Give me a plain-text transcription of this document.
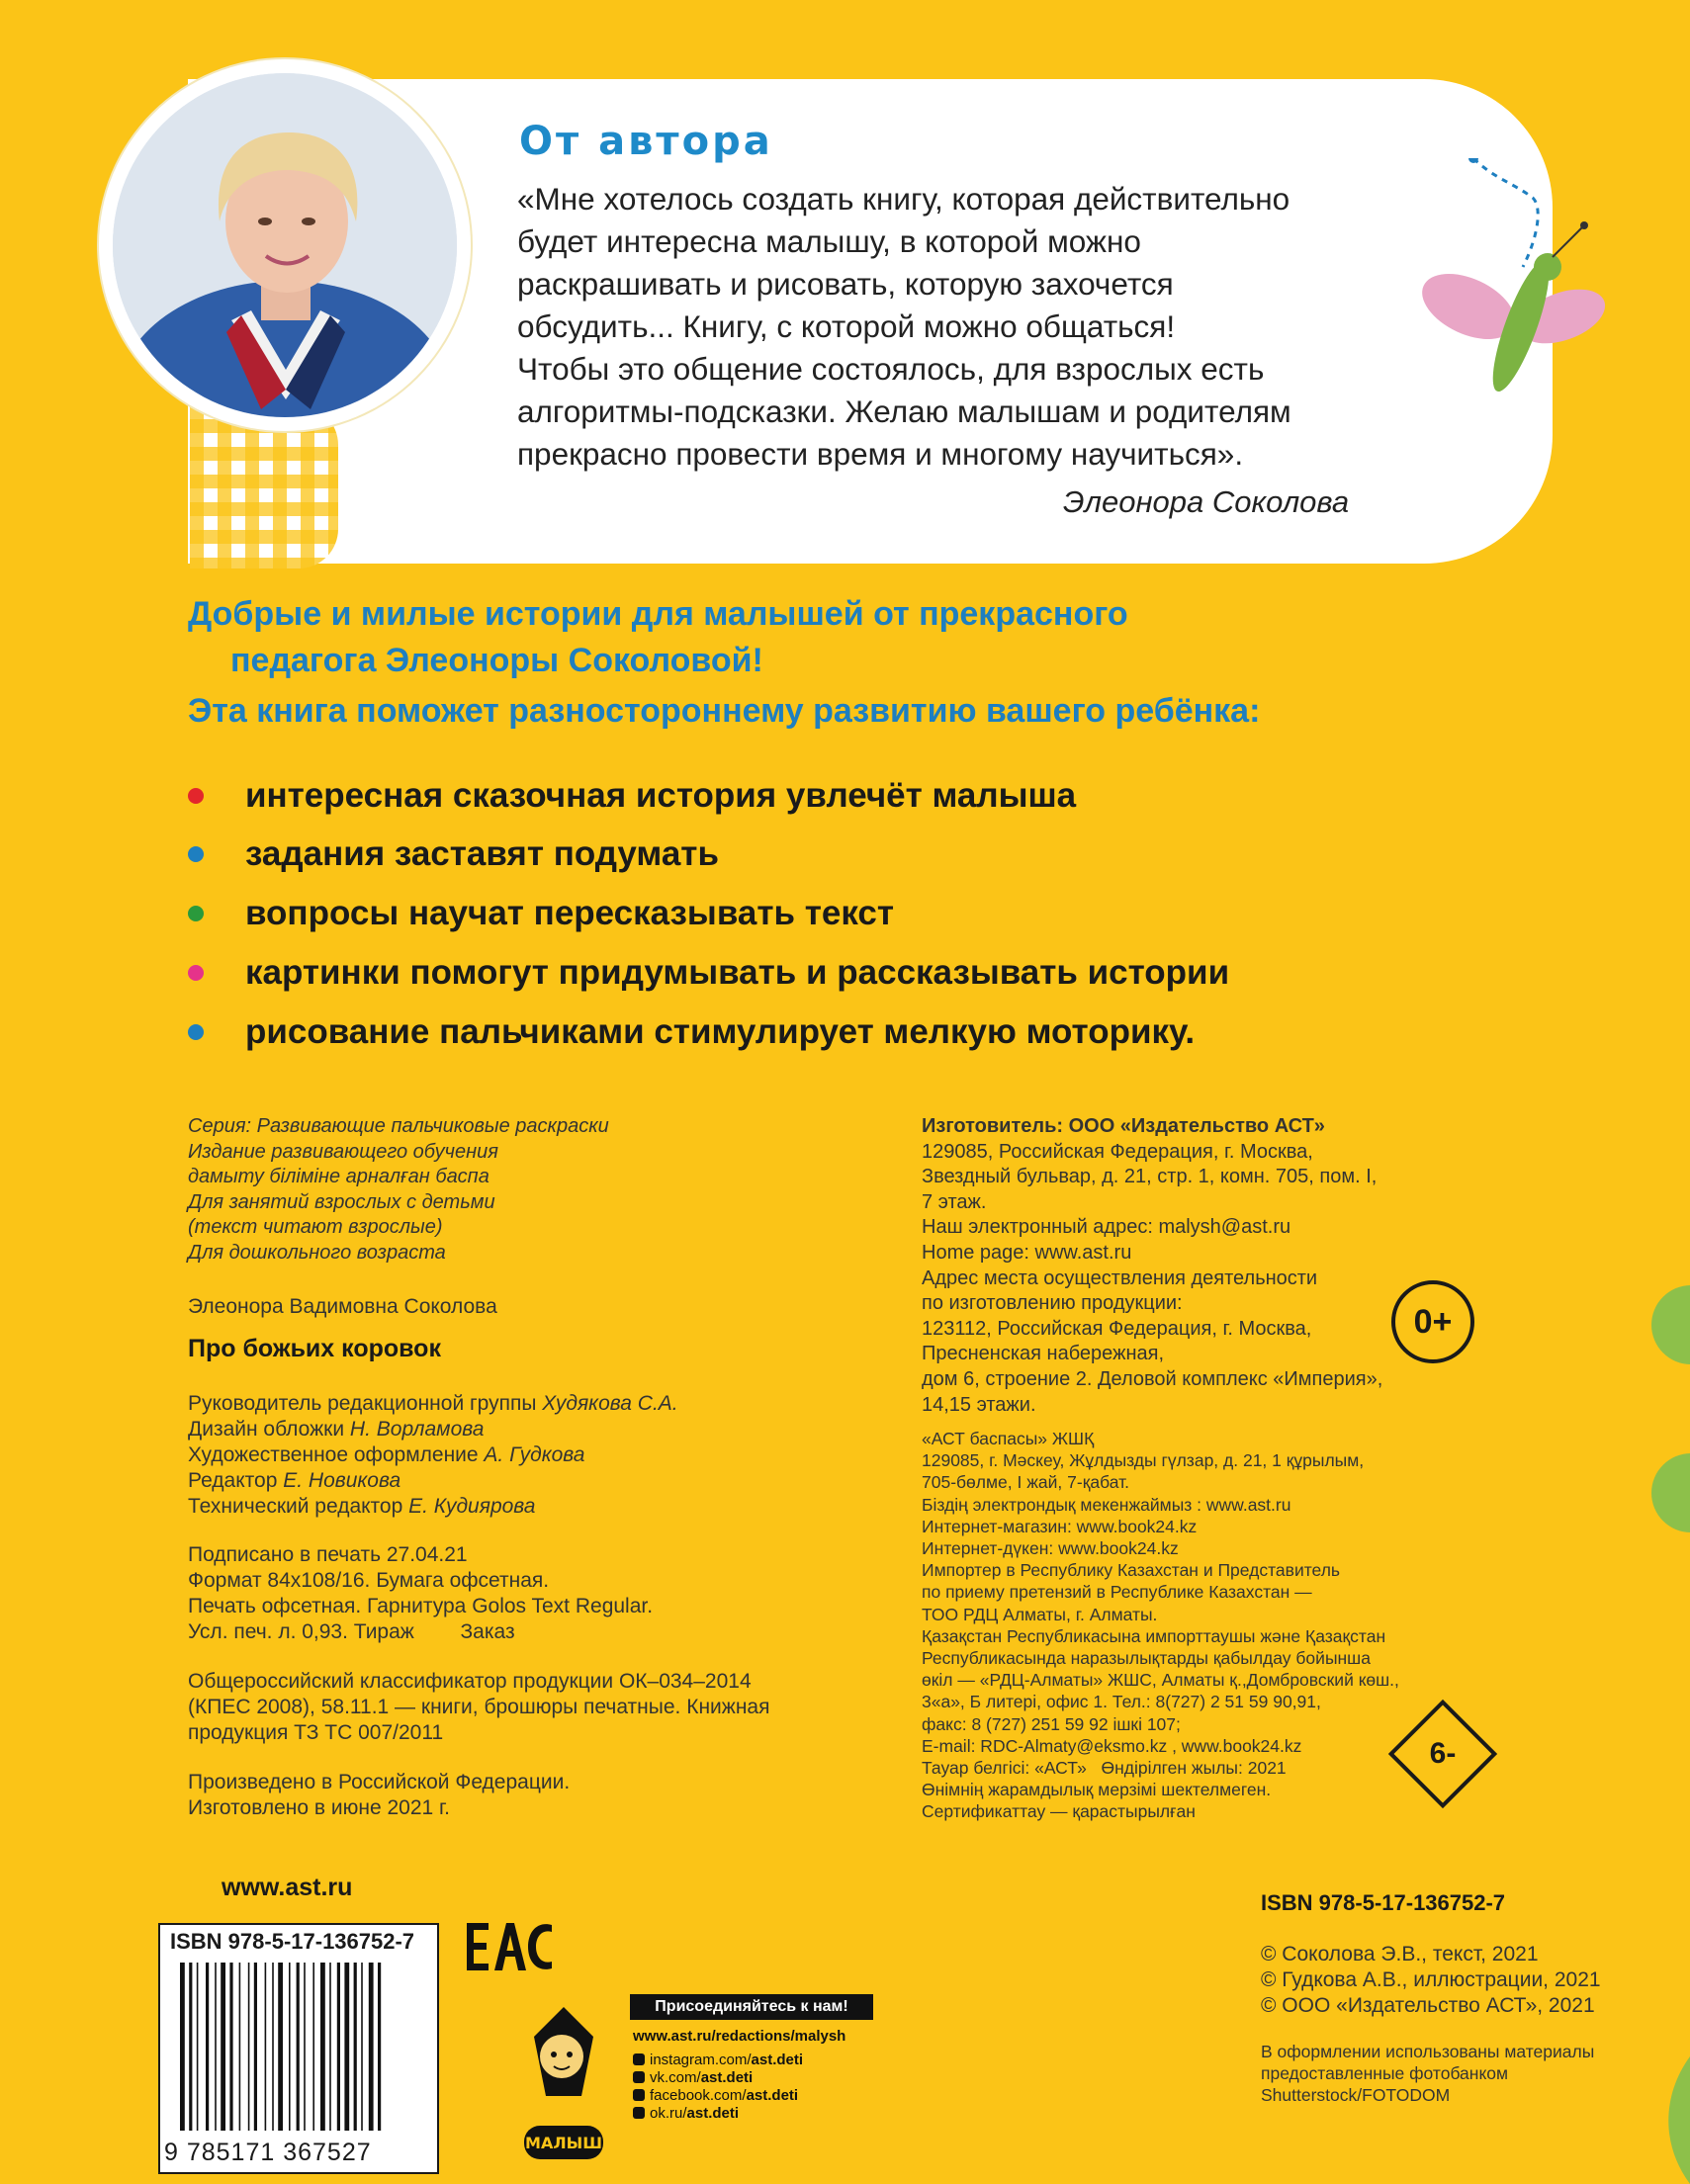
От автора
«Мне хотелось создать книгу, которая действительно
будет интересна малышу, в которой можно
раскрашивать и рисовать, которую захочется
обсудить... Книгу, с которой можно общаться!
Чтобы это общение состоялось, для взрослых есть
алгоритмы-подсказки. Желаю малышам и родителям
прекрасно провести время и многому научиться».
Элеонора Соколова
Добрые и милые истории для малышей от прекрасного
педагога Элеоноры Соколовой!
Эта книга поможет разностороннему развитию вашего ребёнка:
интересная сказочная история увлечёт малыша
задания заставят подумать
вопросы научат пересказывать текст
картинки помогут придумывать и рассказывать истории
рисование пальчиками стимулирует мелкую моторику.
Серия: Развивающие пальчиковые раскраски
Издание развивающего обучения
дамыту біліміне арналған баспа
Для занятий взрослых с детьми
(текст читают взрослые)
Для дошкольного возраста
Элеонора Вадимовна Соколова
Про божьих коровок
Руководитель редакционной группы Худякова С.А.
Дизайн обложки Н. Ворламова
Художественное оформление А. Гудкова
Редактор Е. Новикова
Технический редактор Е. Кудиярова
Подписано в печать 27.04.21
Формат 84x108/16. Бумага офсетная.
Печать офсетная. Гарнитура Golos Text Regular.
Усл. печ. л. 0,93. Тираж        Заказ
Общероссийский классификатор продукции ОК–034–2014
(КПЕС 2008), 58.11.1 — книги, брошюры печатные. Книжная
продукция ТЗ ТС 007/2011
Произведено в Российской Федерации.
Изготовлено в июне 2021 г.
www.ast.ru
Изготовитель: ООО «Издательство АСТ»
129085, Российская Федерация, г. Москва,
Звездный бульвар, д. 21, стр. 1, комн. 705, пом. I,
7 этаж.
Наш электронный адрес: malysh@ast.ru
Home page: www.ast.ru
Адрес места осуществления деятельности
по изготовлению продукции:
123112, Российская Федерация, г. Москва,
Пресненская набережная,
дом 6, строение 2. Деловой комплекс «Империя»,
14,15 этажи.
«АСТ баспасы» ЖШҚ
129085, г. Мәскеу, Жұлдызды гүлзар, д. 21, 1 құрылым,
705-бөлме, I жай, 7-қабат.
Біздің электрондық мекенжаймыз : www.ast.ru
Интернет-магазин: www.book24.kz
Интернет-дүкен: www.book24.kz
Импортер в Республику Казахстан и Представитель
по приему претензий в Республике Казахстан —
ТОО РДЦ Алматы, г. Алматы.
Қазақстан Республикасына импорттаушы және Қазақстан
Республикасында наразылықтарды қабылдау бойынша
өкіл — «РДЦ-Алматы» ЖШС, Алматы қ.,Домбровский көш.,
3«а», Б литері, офис 1. Тел.: 8(727) 2 51 59 90,91,
факс: 8 (727) 251 59 92 ішкі 107;
E-mail: RDC-Almaty@eksmo.kz , www.book24.kz
Тауар белгісі: «АСТ»   Өндірілген жылы: 2021
Өнімнің жарамдылық мерзімі шектелмеген.
Сертификаттау — қарастырылған
0+
6-
ISBN 978-5-17-136752-7
© Соколова Э.В., текст, 2021
© Гудкова А.В., иллюстрации, 2021
© ООО «Издательство АСТ», 2021
В оформлении использованы материалы
предоставленные фотобанком
Shutterstock/FOTODOM
ISBN 978-5-17-136752-7
9 785171 367527	МАЛЫШ
Присоединяйтесь к нам!
www.ast.ru/redactions/malysh
instagram.com/ast.deti
vk.com/ast.deti
facebook.com/ast.deti
ok.ru/ast.deti
